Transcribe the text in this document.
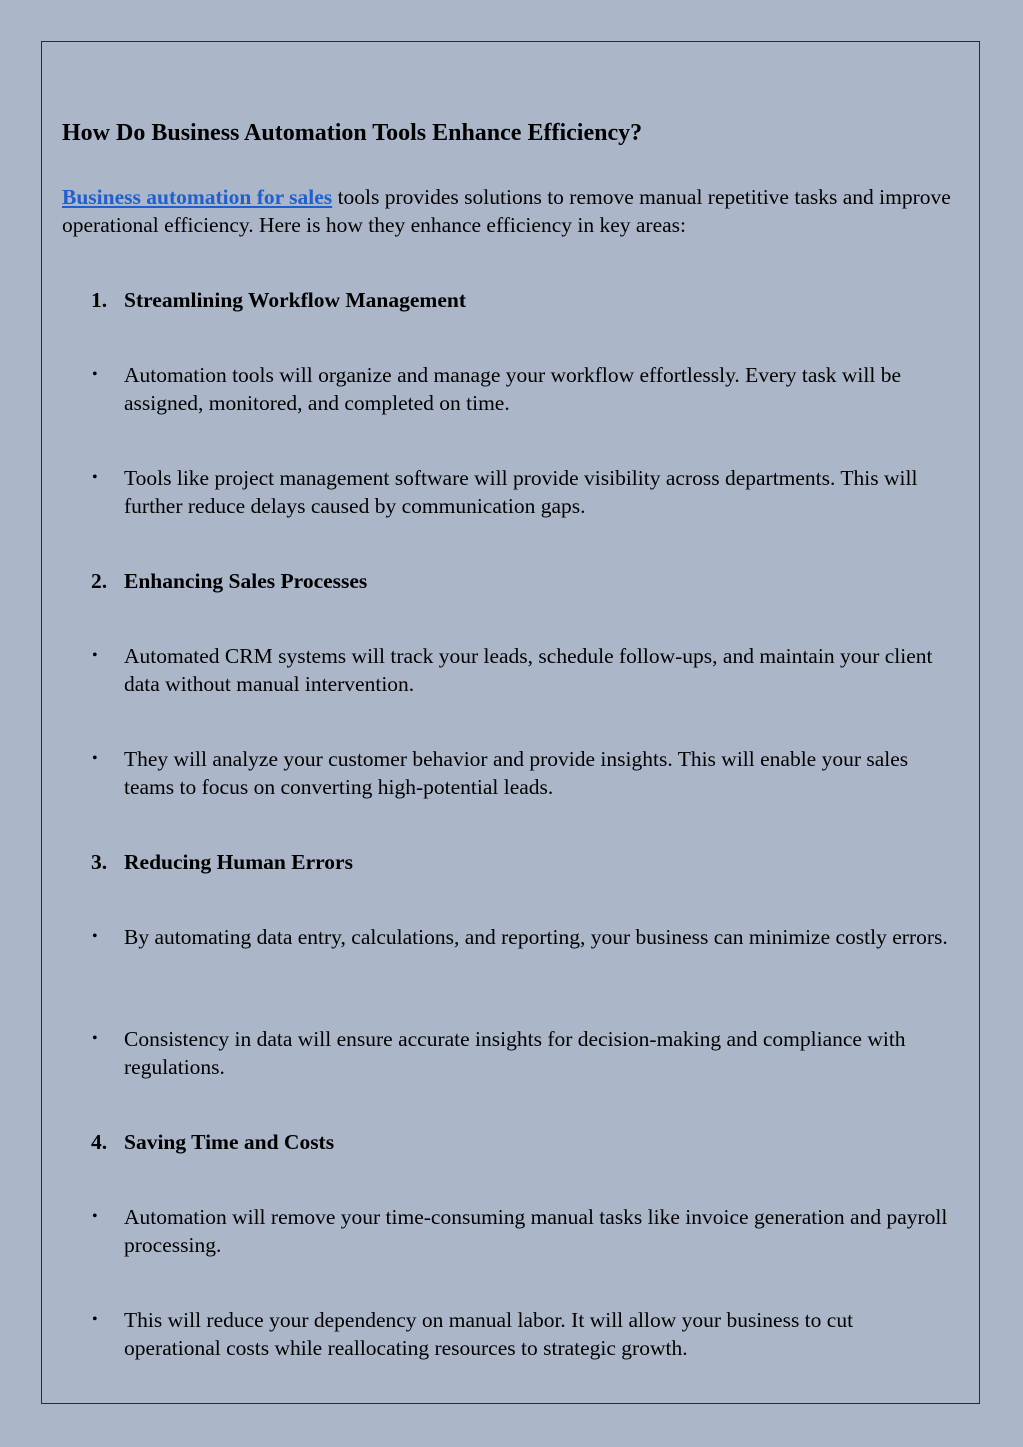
How Do Business Automation Tools Enhance Efficiency?

Business automation for sales tools provides solutions to remove manual repetitive tasks and improve operational efficiency. Here is how they enhance efficiency in key areas:

1. Streamlining Workflow Management

• Automation tools will organize and manage your workflow effortlessly. Every task will be assigned, monitored, and completed on time.

• Tools like project management software will provide visibility across departments. This will further reduce delays caused by communication gaps.

2. Enhancing Sales Processes

• Automated CRM systems will track your leads, schedule follow-ups, and maintain your client data without manual intervention.

• They will analyze your customer behavior and provide insights. This will enable your sales teams to focus on converting high-potential leads.

3. Reducing Human Errors

• By automating data entry, calculations, and reporting, your business can minimize costly errors.

• Consistency in data will ensure accurate insights for decision-making and compliance with regulations.

4. Saving Time and Costs

• Automation will remove your time-consuming manual tasks like invoice generation and payroll processing.

• This will reduce your dependency on manual labor. It will allow your business to cut operational costs while reallocating resources to strategic growth.
